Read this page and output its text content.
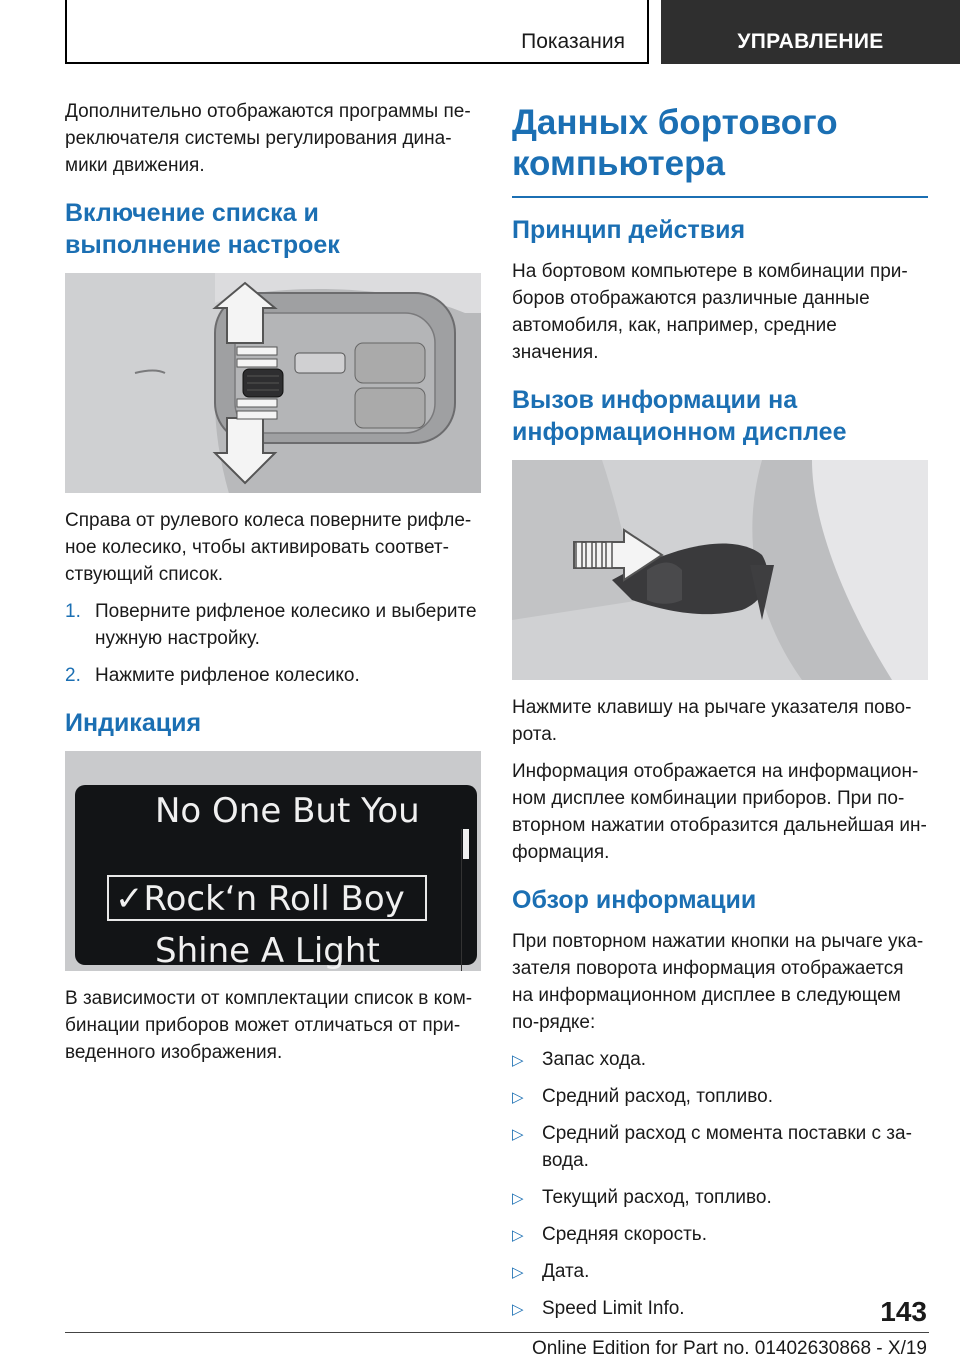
Показания	УПРАВЛЕНИЕ

Дополнительно отображаются программы пе-реключателя системы регулирования дина-мики движения.

Включение списка и выполнение настроек

Справа от рулевого колеса поверните рифле-ное колесико, чтобы активировать соответ-ствующий список.

1. Поверните рифленое колесико и выберите нужную настройку.
2. Нажмите рифленое колесико.
Индикация
No One But You
✓Rock‘n Roll Boy
Shine A Light

В зависимости от комплектации список в ком-бинации приборов может отличаться от при-веденного изображения.

Данных бортового компьютера
Принцип действия

На бортовом компьютере в комбинации при-боров отображаются различные данные автомобиля, как, например, средние значения.

Вызов информации на информационном дисплее

Нажмите клавишу на рычаге указателя пово-рота.

Информация отображается на информацион-ном дисплее комбинации приборов. При по-вторном нажатии отобразится дальнейшая ин-формация.

Обзор информации

При повторном нажатии кнопки на рычаге ука-зателя поворота информация отображается на информационном дисплее в следующем по-рядке:

▷ Запас хода.
▷ Средний расход, топливо.
▷ Средний расход с момента поставки с за-вода.
▷ Текущий расход, топливо.
▷ Средняя скорость.
▷ Дата.
▷ Speed Limit Info.	143
Online Edition for Part no. 01402630868 - X/19
